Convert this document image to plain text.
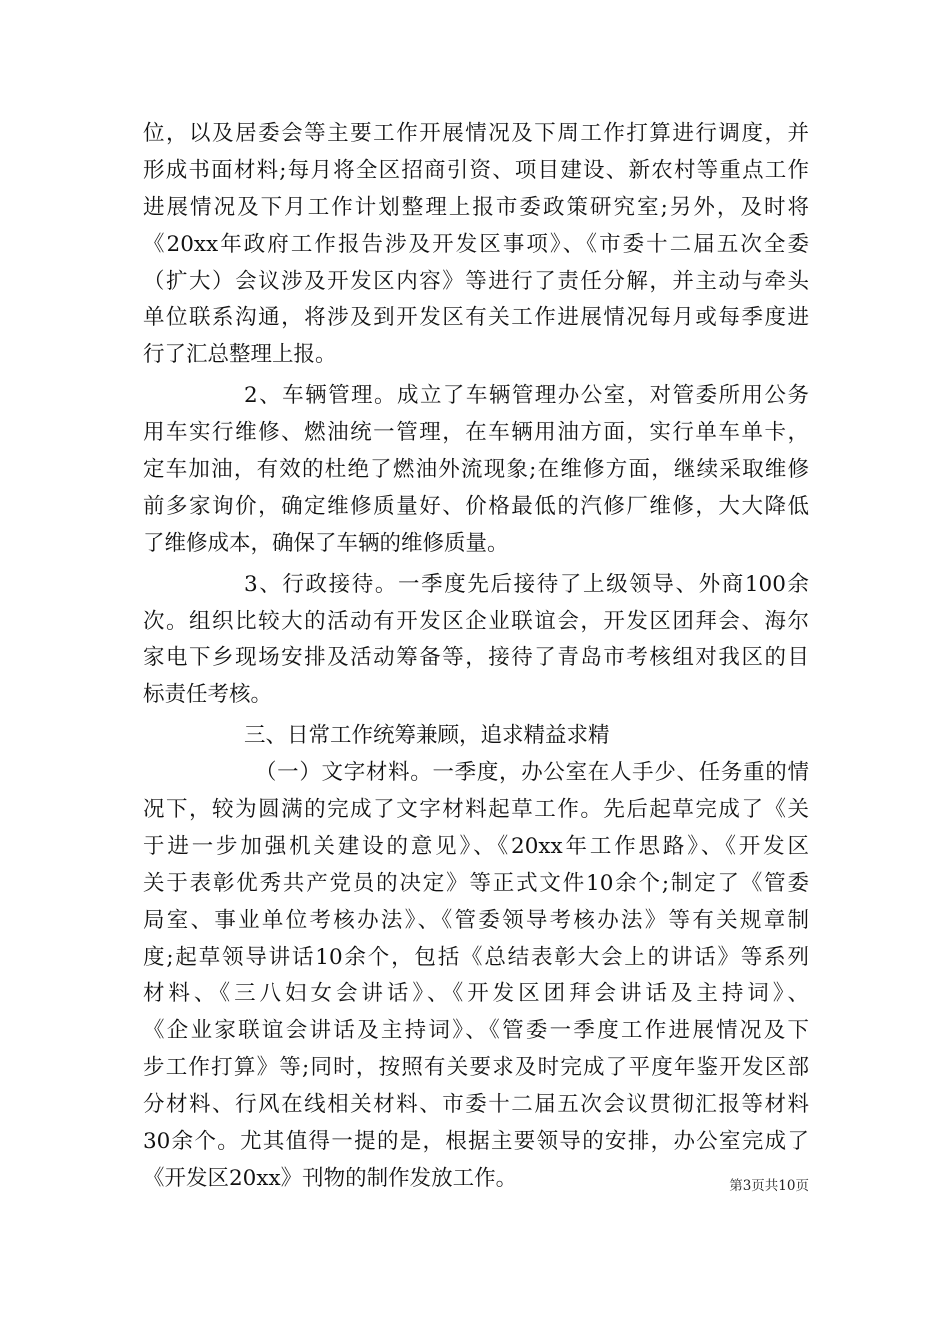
位，以及居委会等主要工作开展情况及下周工作打算进行调度，并
形成书面材料;每月将全区招商引资、项目建设、新农村等重点工作
进展情况及下月工作计划整理上报市委政策研究室;另外，及时将
《20xx年政府工作报告涉及开发区事项》、《市委十二届五次全委
（扩大）会议涉及开发区内容》等进行了责任分解，并主动与牵头
单位联系沟通，将涉及到开发区有关工作进展情况每月或每季度进
行了汇总整理上报。
2、车辆管理。成立了车辆管理办公室，对管委所用公务
用车实行维修、燃油统一管理，在车辆用油方面，实行单车单卡，
定车加油，有效的杜绝了燃油外流现象;在维修方面，继续采取维修
前多家询价，确定维修质量好、价格最低的汽修厂维修，大大降低
了维修成本，确保了车辆的维修质量。
3、行政接待。一季度先后接待了上级领导、外商100余
次。组织比较大的活动有开发区企业联谊会，开发区团拜会、海尔
家电下乡现场安排及活动筹备等，接待了青岛市考核组对我区的目
标责任考核。
三、日常工作统筹兼顾，追求精益求精
（一）文字材料。一季度，办公室在人手少、任务重的情
况下，较为圆满的完成了文字材料起草工作。先后起草完成了《关
于进一步加强机关建设的意见》、《20xx年工作思路》、《开发区
关于表彰优秀共产党员的决定》等正式文件10余个;制定了《管委
局室、事业单位考核办法》、《管委领导考核办法》等有关规章制
度;起草领导讲话10余个，包括《总结表彰大会上的讲话》等系列
材料、《三八妇女会讲话》、《开发区团拜会讲话及主持词》、
《企业家联谊会讲话及主持词》、《管委一季度工作进展情况及下
步工作打算》等;同时，按照有关要求及时完成了平度年鉴开发区部
分材料、行风在线相关材料、市委十二届五次会议贯彻汇报等材料
30余个。尤其值得一提的是，根据主要领导的安排，办公室完成了
《开发区20xx》刊物的制作发放工作。	第3页共10页
